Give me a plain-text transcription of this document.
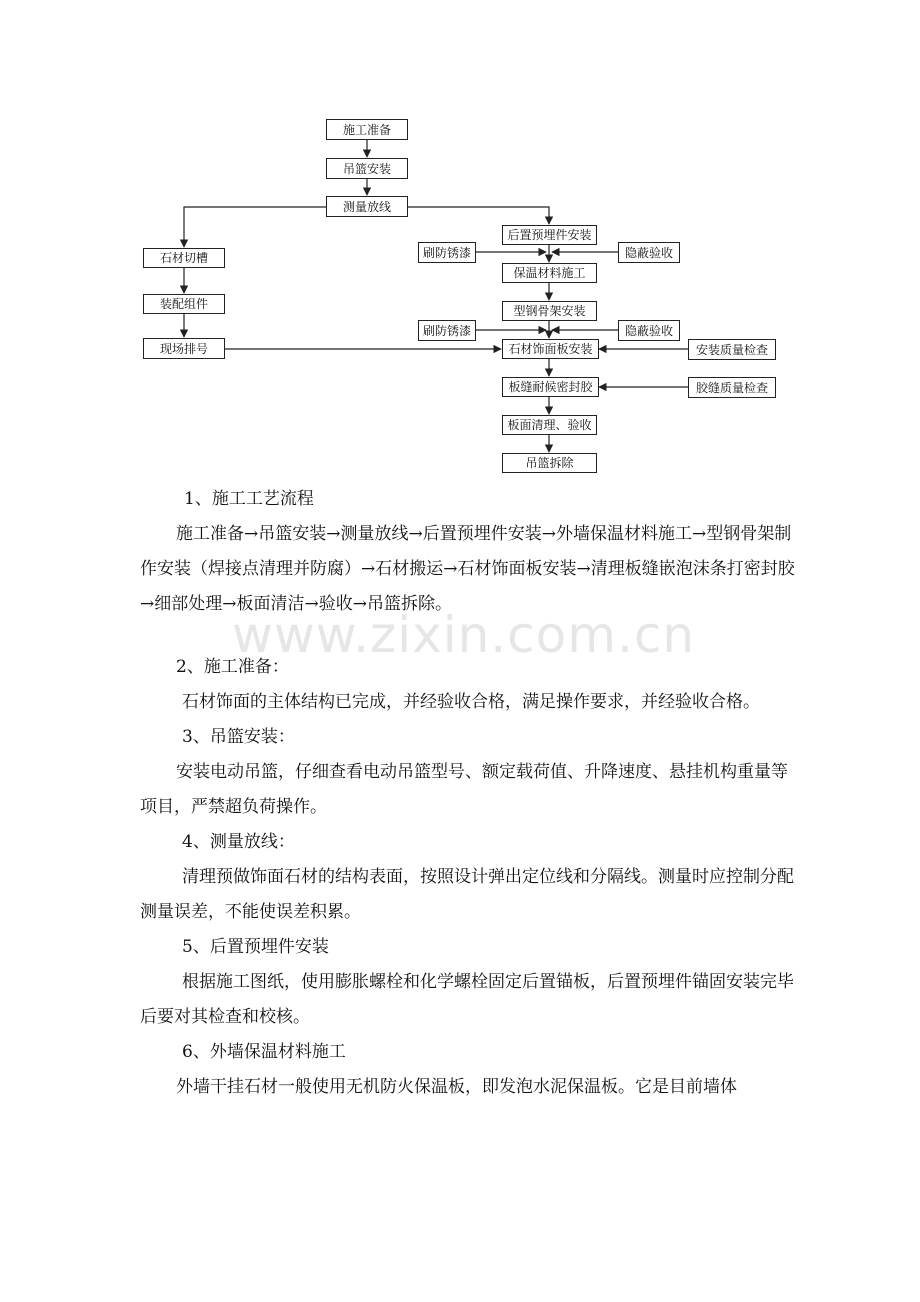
施工准备
吊篮安装
测量放线
后置预埋件安装
刷防锈漆	隐蔽验收
保温材料施工
型钢骨架安装
刷防锈漆	隐蔽验收
石材切槽
装配组件
现场排号	石材饰面板安装	安装质量检查
板缝耐候密封胶	胶缝质量检查
板面清理、验收
吊篮拆除
www.zixin.com.cn

1、施工工艺流程

施工准备→吊篮安装→测量放线→后置预埋件安装→外墙保温材料施工→型钢骨架制作安装（焊接点清理并防腐）→石材搬运→石材饰面板安装→清理板缝嵌泡沫条打密封胶→细部处理→板面清洁→验收→吊篮拆除。

2、施工准备：

石材饰面的主体结构已完成，并经验收合格，满足操作要求，并经验收合格。

3、吊篮安装：

安装电动吊篮，仔细查看电动吊篮型号、额定载荷值、升降速度、悬挂机构重量等项目，严禁超负荷操作。

4、测量放线：

清理预做饰面石材的结构表面，按照设计弹出定位线和分隔线。测量时应控制分配测量误差，不能使误差积累。

5、后置预埋件安装

根据施工图纸，使用膨胀螺栓和化学螺栓固定后置锚板，后置预埋件锚固安装完毕后要对其检查和校核。

6、外墙保温材料施工

外墙干挂石材一般使用无机防火保温板，即发泡水泥保温板。它是目前墙体
